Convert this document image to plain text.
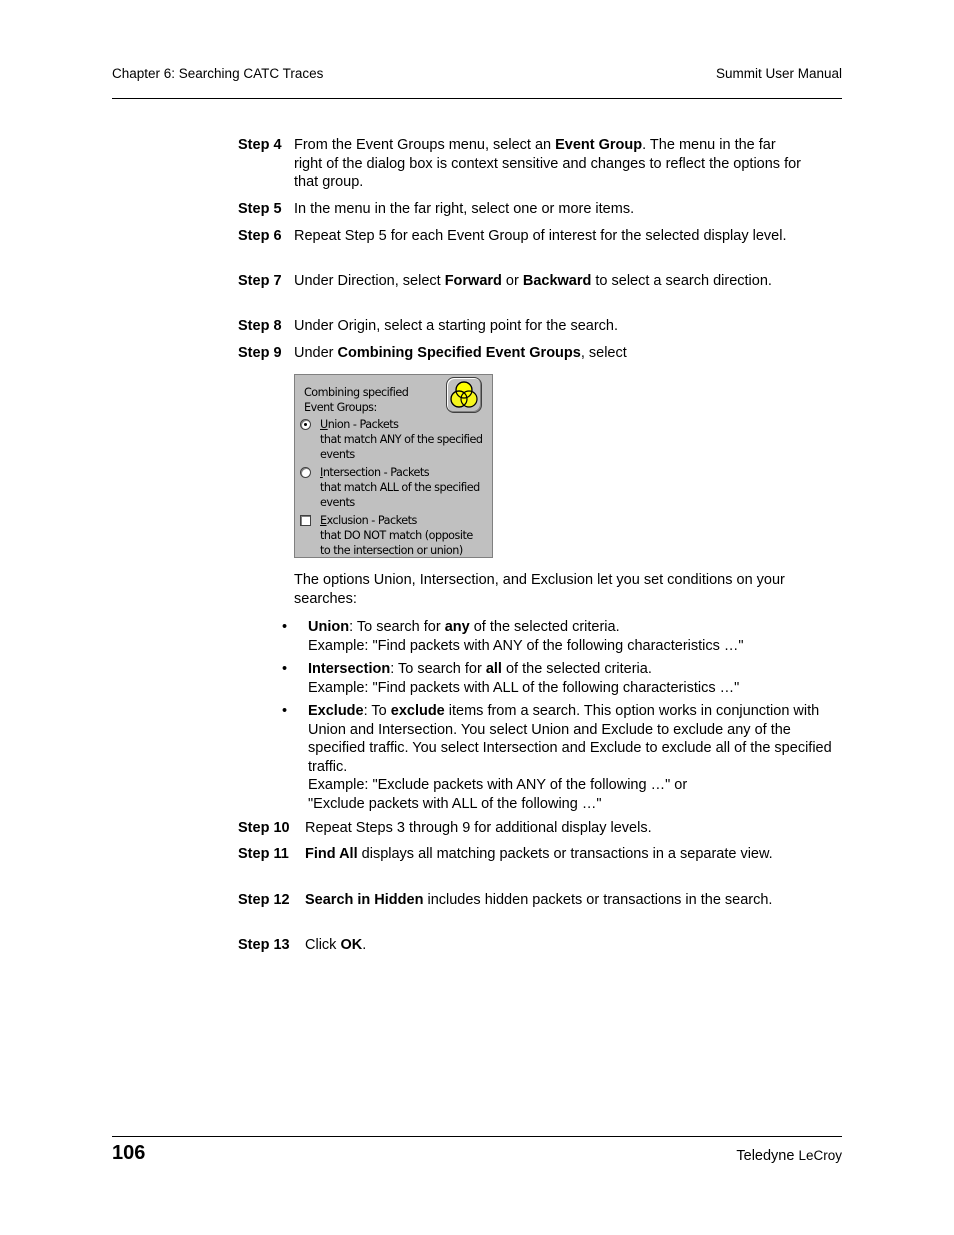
Chapter 6: Searching CATC Traces	Summit User Manual
Step 4 From the Event Groups menu, select an Event Group. The menu in the far right of the dialog box is context sensitive and changes to reflect the options for that group.
Step 5 In the menu in the far right, select one or more items.
Step 6 Repeat Step 5 for each Event Group of interest for the selected display level.
Step 7 Under Direction, select Forward or Backward to select a search direction.
Step 8 Under Origin, select a starting point for the search.
Step 9 Under Combining Specified Event Groups, select
Combining specified
Event Groups:
Union - Packets
that match ANY of the specified
events
Intersection - Packets
that match ALL of the specified
events
Exclusion - Packets
that DO NOT match (opposite
to the intersection or union)
The options Union, Intersection, and Exclusion let you set conditions on your searches:
• Union: To search for any of the selected criteria.
Example: "Find packets with ANY of the following characteristics …"
• Intersection: To search for all of the selected criteria.
Example: "Find packets with ALL of the following characteristics …"
• Exclude: To exclude items from a search. This option works in conjunction with Union and Intersection. You select Union and Exclude to exclude any of the specified traffic. You select Intersection and Exclude to exclude all of the specified traffic.
Example: "Exclude packets with ANY of the following …" or
"Exclude packets with ALL of the following …"
Step 10 Repeat Steps 3 through 9 for additional display levels.
Step 11 Find All displays all matching packets or transactions in a separate view.
Step 12 Search in Hidden includes hidden packets or transactions in the search.
Step 13 Click OK.
106	Teledyne LeCroy
